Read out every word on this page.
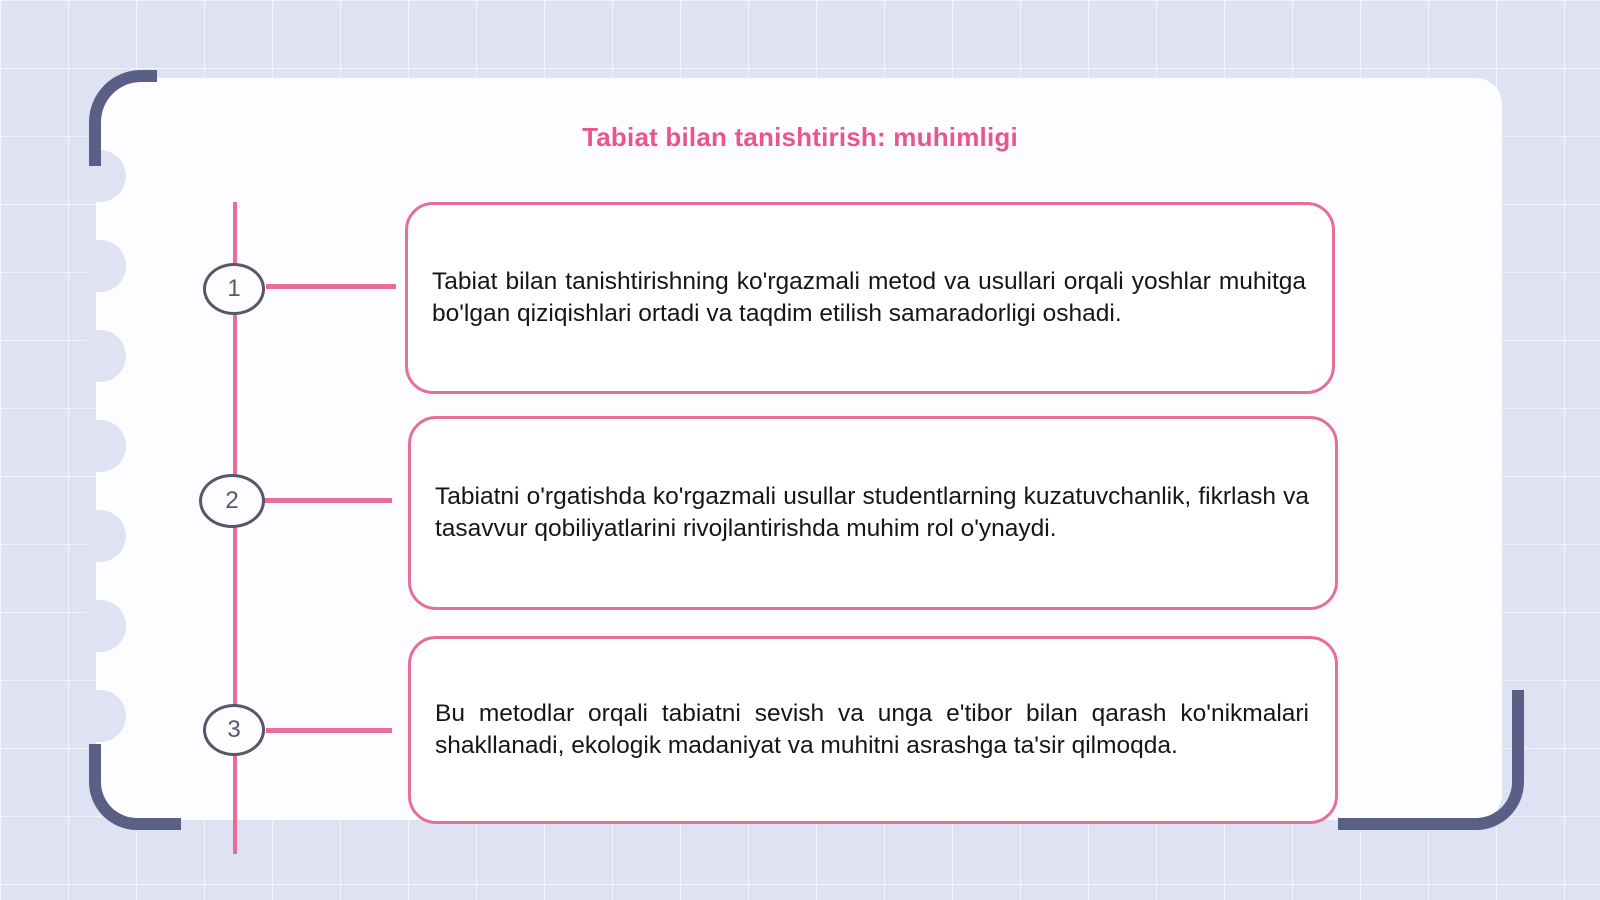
Tabiat bilan tanishtirish: muhimligi
1
2
3
Tabiat bilan tanishtirishning ko'rgazmali metod va usullari orqali yoshlar muhitga bo'lgan qiziqishlari ortadi va taqdim etilish samaradorligi oshadi.
Tabiatni o'rgatishda ko'rgazmali usullar studentlarning kuzatuvchanlik, fikrlash va tasavvur qobiliyatlarini rivojlantirishda muhim rol o'ynaydi.
Bu metodlar orqali tabiatni sevish va unga e'tibor bilan qarash ko'nikmalari shakllanadi, ekologik madaniyat va muhitni asrashga ta'sir qilmoqda.
